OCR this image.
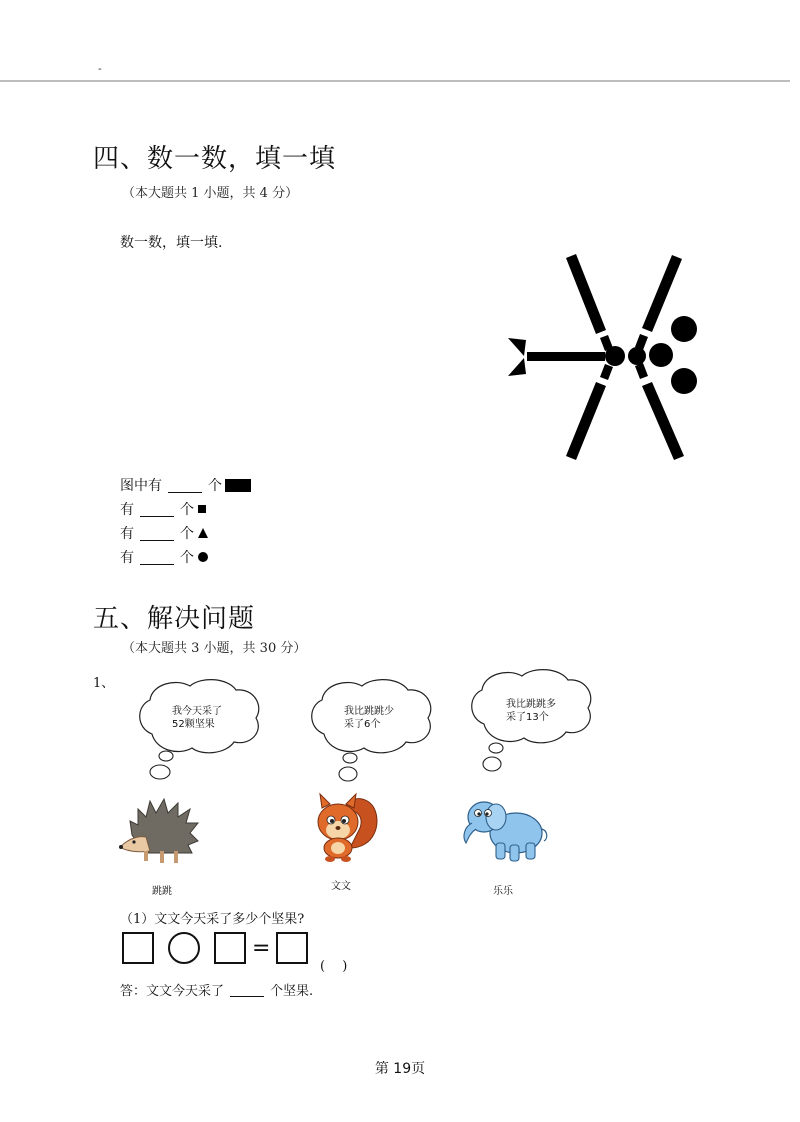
-
四、数一数，填一填
（本大题共 1 小题，共 4 分）
数一数，填一填.
图中有	个
有	个
有	个
有	个
五、解决问题
（本大题共 3 小题，共 30 分）
1、
我今天采了
52颗坚果
我比跳跳少
采了6个
我比跳跳多
采了13个
跳跳	文文	乐乐
（1）文文今天采了多少个坚果?
=
(　 )
答：文文今天采了	个坚果.
第 19页
